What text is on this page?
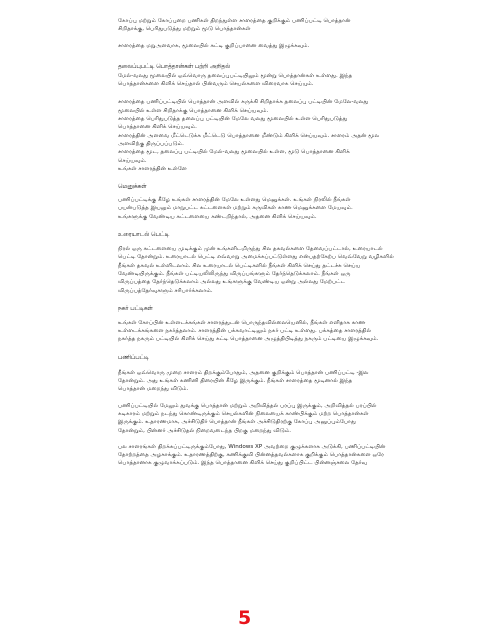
கோப்பு மற்றும் கோப்புறை பணிகள் திறந்துள்ள சாளரத்தை குறிக்கும் பணிப்பட்டி பொத்தான்
சிறிதாக்கு, பெரிதுபடுத்து மற்றும் மூடு பொத்தான்கள்
சாளரத்தை மறுஅளவாக, மூலையில் கட்டி குறிப்பானை வைத்து இழுக்கவும்.
தலைப்புபட்டி பொத்தான்கள் பற்றி அறிதல்
மேல்-வலது மூலையில் ஒவ்வொரு தலைப்புபட்டியிலும் மூன்று பொத்தான்கள் உள்ளது. இந்த
பொத்தான்களை கிளிக் செய்தால் பின்வரும் செயல்களை விரைவாக செய்யும்.
சாளரத்தை பணிப்பட்டியில் பொத்தான் அளவில் சுருக்கி சிறிதாக்க தலைப்பு பட்டியின் மேலே-வலது
மூலையில் உள்ள சிறிதாக்கு பொத்தானை கிளிக் செய்யவும்.
சாளரத்தை பெரிதுபடுத்த தலைப்பு பட்டியின் மேலே வலது மூலையில் உள்ள பெரிதுபடுத்து
பொத்தானை கிளிக் செய்யவும்.
சாளரத்தின் அளவை மீட்டெடுக்க மீட்டெடு பொத்தானை மீண்டும் கிளிக் செய்யவும். சாளரம் அதன் மூல
அளவிற்கு திருப்பப்படும்.
சாளரத்தை மூட, தலைப்பு பட்டியில் மேல்-வலது மூலையில் உள்ள, மூடு பொத்தானை கிளிக்
செய்யவும்.
உங்கள் சாளரத்தின் உள்ளே
மெனுக்கள்
பணிப்பட்டிக்கு கீழே உங்கள் சாளரத்தின் மேலே உள்ளது மெனுக்கள். உங்கள் நிரலில் நீங்கள்
பயன்படுத்த இயலும் மாறுபட்ட கட்டளைகள் மற்றும் கருவிகள் காண மெனுக்களை மேயவும்.
உங்களுக்கு வேண்டிய கட்டளையை கண்டறிந்தால், அதனை கிளிக் செய்யவும்.
உரையாடல் பெட்டி
நிரல் ஒரு கட்டளையை முடிக்கும் முன் உங்களிடமிருந்து சில தகவல்களை தேவைப்பட்டால், உரையாடல்
பெட்டி தோன்றும். உரையாடல் பெட்டி எவ்வாறு அமைக்கப்பட்டுள்ளது என்பதற்கேற்ப வெவ்வேறு வழிகளில்
நீங்கள் தகவல் உள்ளிடலாம். சில உரையாடல் பெட்டிகளில் நீங்கள் கிளிக் செய்து தட்டச்சு செய்ய
வேண்டியிருக்கும். நீங்கள் பட்டியலிலிருந்து விருப்பங்களும் தேர்ந்தெடுக்கலாம். நீங்கள் ஒரு
விருப்பத்தை தேர்ந்தெடுக்கலாம் அல்லது உங்களுக்கு வேண்டிய ஒன்று அல்லது மேற்பட்ட
விருப்பத்தேர்வுகளும் சரிபார்க்கலாம்.
நகர் பட்டிகள்
உங்கள் கோப்பின் உள்ளடக்கங்கள் சாளரத்துடன் பொருந்தவில்லையெனில், நீங்கள் எளிதாக காண
உள்ளடக்கங்களை நகர்த்தலாம். சாளரத்தின் பக்கவாட்டிலும் நகர் பட்டி உள்ளது. பக்கத்தை சாளரத்தில்
நகர்த்த நகரும் பட்டியில் கிளிக் செய்து கட்டி பொத்தானை அழுத்திபிடித்து நகரும் பட்டியை இழுக்கவும்.
பணிப்பட்டி
நீங்கள் ஒவ்வொரு முறை சாளரம் திறக்கும்போதும், அதனை குறிக்கும் பொத்தான் பணிப்பட்டி -இல
தோன்றும். அது உங்கள் கணினி திரையின் கீழே இருக்கும். நீங்கள் சாளரத்தை மூடினால் இந்த
பொத்தான் மறைந்து விடும்.
பணிப்பட்டியில் மேலும் துவக்கு பொத்தான் மற்றும் அறிவித்தல் பரப்பு இருக்கும், அறிவித்தல் பரப்பில்
கடிகாரம் மற்றும் நடந்து கொண்டிருக்கும் செயல்களின் நிலையைக் காண்பிக்கும் மற்ற பொத்தான்கள்
இருக்கும். உதாரணமாக, அச்சிடுதிர் பொத்தான் நீங்கள் அச்சிடுதிரற்கு கோப்பு அனுப்பும்போது
தோன்றும், பின்னர் அச்சிடுதல் நிறைவடைந்த பிறகு மறைந்து விடும்.
பல சாளரங்கள் திறக்கப்பட்டிருக்கும்போது, Windows XP அவற்றை குழுக்களாக அடுக்கி, பணிப்பட்டியின்
தோற்றத்தை அழகாக்கும். உதாரணத்திற்கு, கணிக்குவி பின்னத்தவல்களாக குறிக்கும் பொத்தான்களை ஒரே
பொத்தானாக குழுவாக்கப்படும். இந்த பொத்தானை கிளிக் செய்து குறிப்பிட்ட பின்னஞ்சலை தேர்வு
5
